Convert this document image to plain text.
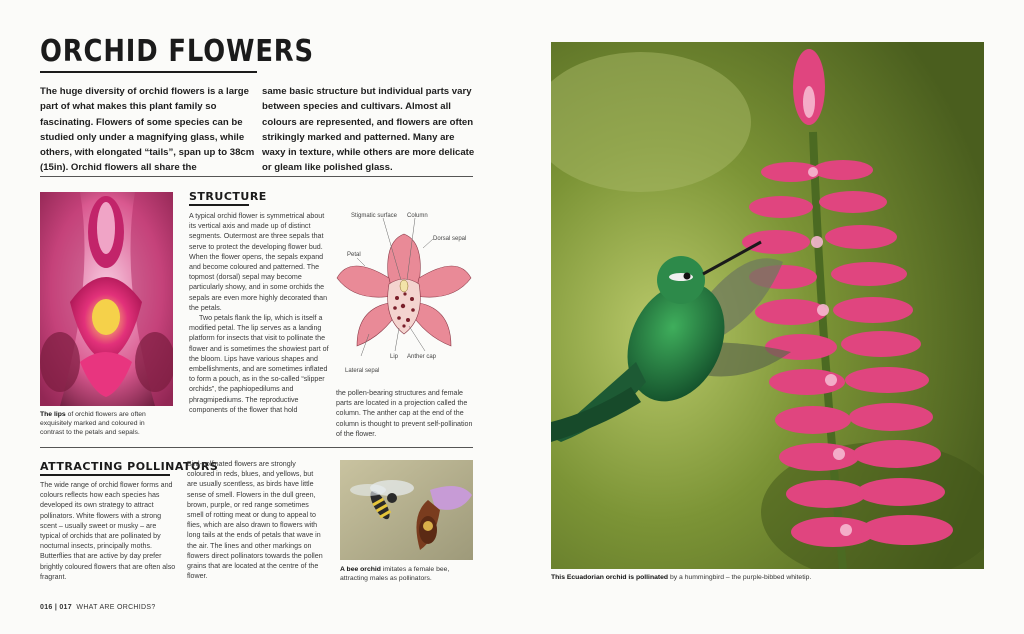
ORCHID FLOWERS

The huge diversity of orchid flowers is a large part of what makes this plant family so fascinating. Flowers of some species can be studied only under a magnifying glass, while others, with elongated “tails”, span up to 38cm (15in). Orchid flowers all share the

same basic structure but individual parts vary between species and cultivars. Almost all colours are represented, and flowers are often strikingly marked and patterned. Many are waxy in texture, while others are more delicate or gleam like polished glass.

The lips of orchid flowers are often exquisitely marked and coloured in contrast to the petals and sepals.

STRUCTURE

A typical orchid flower is symmetrical about its vertical axis and made up of distinct segments. Outermost are three sepals that serve to protect the developing flower bud. When the flower opens, the sepals expand and become coloured and patterned. The topmost (dorsal) sepal may become particularly showy, and in some orchids the sepals are even more highly decorated than the petals.

Two petals flank the lip, which is itself a modified petal. The lip serves as a landing platform for insects that visit to pollinate the flower and is sometimes the showiest part of the bloom. Lips have various shapes and embellishments, and are sometimes inflated to form a pouch, as in the so-called “slipper orchids”, the paphiopedilums and phragmipediums. The reproductive components of the flower that hold

Stigmatic surface Column
Dorsal sepal
Petal
Lip Anther cap
Lateral sepal
the pollen-bearing structures and female parts are located in a projection called the column. The anther cap at the end of the column is thought to prevent self-pollination of the flower.
ATTRACTING POLLINATORS
The wide range of orchid flower forms and colours reflects how each species has developed its own strategy to attract pollinators. White flowers with a strong scent – usually sweet or musky – are typical of orchids that are pollinated by nocturnal insects, principally moths. Butterflies that are active by day prefer brightly coloured flowers that are often also fragrant.
Bird-pollinated flowers are strongly coloured in reds, blues, and yellows, but are usually scentless, as birds have little sense of smell. Flowers in the dull green, brown, purple, or red range sometimes smell of rotting meat or dung to appeal to flies, which are also drawn to flowers with long tails at the ends of petals that wave in the air. The lines and other markings on flowers direct pollinators towards the pollen grains that are located at the centre of the flower.

A bee orchid imitates a female bee, attracting males as pollinators.	This Ecuadorian orchid is pollinated by a hummingbird – the purple-bibbed whitetip.

016 | 017 WHAT ARE ORCHIDS?
